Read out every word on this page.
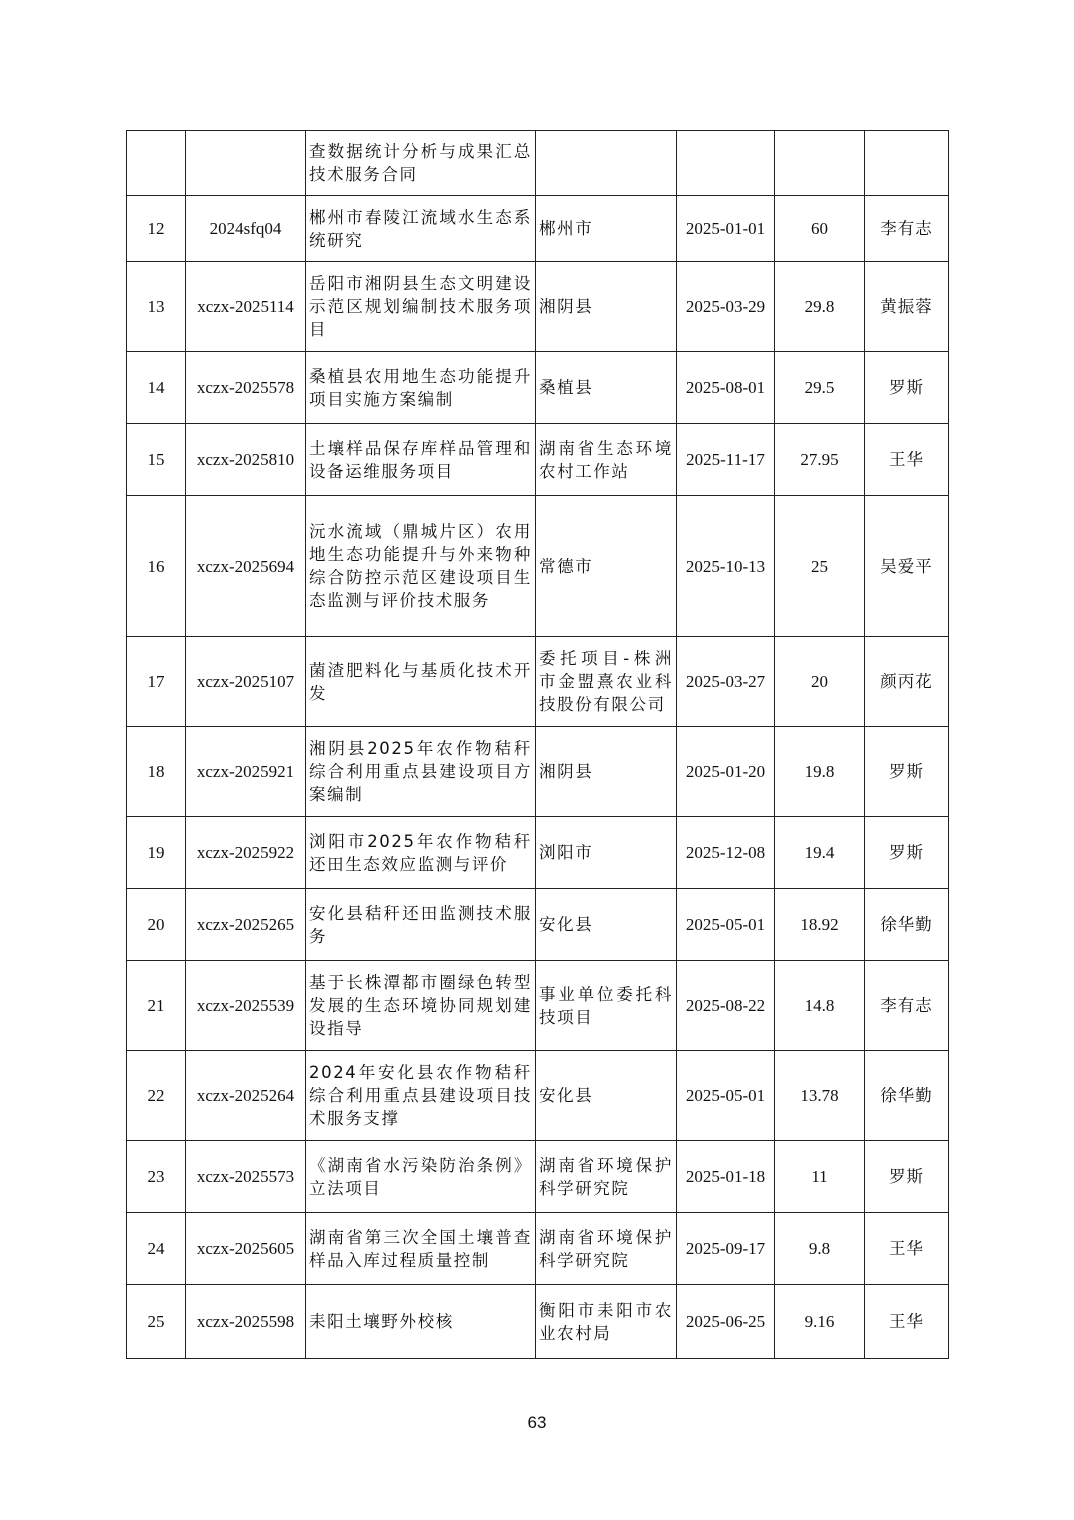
		查数据统计分析与成果汇总技术服务合同				
12	2024sfq04	郴州市春陵江流域水生态系统研究	郴州市	2025-01-01	60	李有志
13	xczx-2025114	岳阳市湘阴县生态文明建设示范区规划编制技术服务项目	湘阴县	2025-03-29	29.8	黄振蓉
14	xczx-2025578	桑植县农用地生态功能提升项目实施方案编制	桑植县	2025-08-01	29.5	罗斯
15	xczx-2025810	土壤样品保存库样品管理和设备运维服务项目	湖南省生态环境农村工作站	2025-11-17	27.95	王华
16	xczx-2025694	沅水流域（鼎城片区）农用地生态功能提升与外来物种综合防控示范区建设项目生态监测与评价技术服务	常德市	2025-10-13	25	吴爱平
17	xczx-2025107	菌渣肥料化与基质化技术开发	委托项目-株洲市金盟熹农业科技股份有限公司	2025-03-27	20	颜丙花
18	xczx-2025921	湘阴县2025年农作物秸秆综合利用重点县建设项目方案编制	湘阴县	2025-01-20	19.8	罗斯
19	xczx-2025922	浏阳市2025年农作物秸秆还田生态效应监测与评价	浏阳市	2025-12-08	19.4	罗斯
20	xczx-2025265	安化县秸秆还田监测技术服务	安化县	2025-05-01	18.92	徐华勤
21	xczx-2025539	基于长株潭都市圈绿色转型发展的生态环境协同规划建设指导	事业单位委托科技项目	2025-08-22	14.8	李有志
22	xczx-2025264	2024年安化县农作物秸秆综合利用重点县建设项目技术服务支撑	安化县	2025-05-01	13.78	徐华勤
23	xczx-2025573	《湖南省水污染防治条例》立法项目	湖南省环境保护科学研究院	2025-01-18	11	罗斯
24	xczx-2025605	湖南省第三次全国土壤普查样品入库过程质量控制	湖南省环境保护科学研究院	2025-09-17	9.8	王华
25	xczx-2025598	耒阳土壤野外校核	衡阳市耒阳市农业农村局	2025-06-25	9.16	王华
63
